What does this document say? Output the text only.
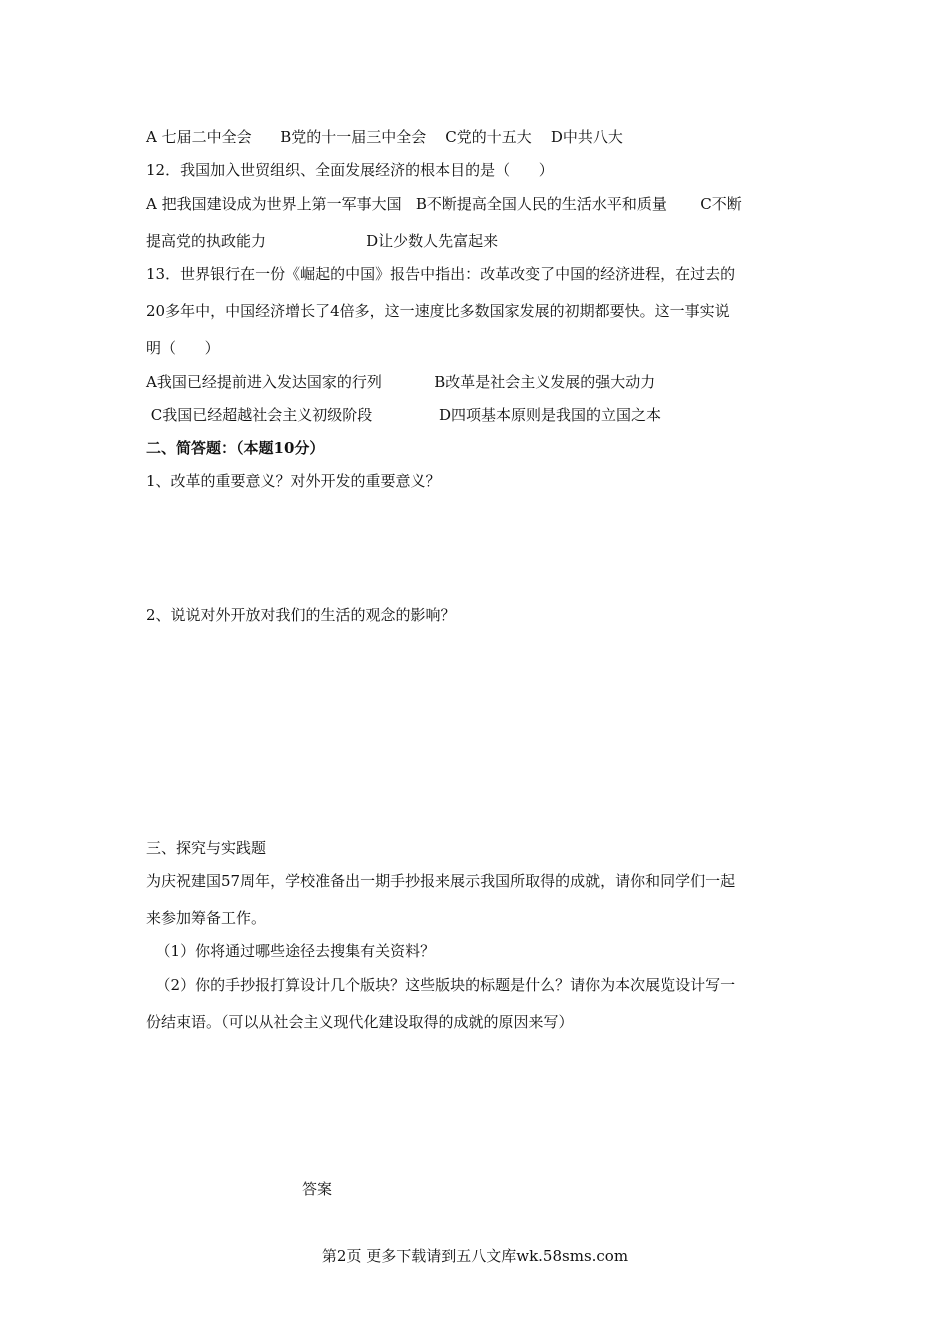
A 七届二中全会      B党的十一届三中全会    C党的十五大    D中共八大
12．我国加入世贸组织、全面发展经济的根本目的是（      ）
A 把我国建设成为世界上第一军事大国   B不断提高全国人民的生活水平和质量       C不断
提高党的执政能力                     D让少数人先富起来
13．世界银行在一份《崛起的中国》报告中指出：改革改变了中国的经济进程，在过去的
20多年中，中国经济增长了4倍多，这一速度比多数国家发展的初期都要快。这一事实说
明（      ）
A我国已经提前进入发达国家的行列           B改革是社会主义发展的强大动力
C我国已经超越社会主义初级阶段              D四项基本原则是我国的立国之本
二、简答题：（本题10分）
1、改革的重要意义？对外开发的重要意义？
2、说说对外开放对我们的生活的观念的影响？
三、探究与实践题
为庆祝建国57周年，学校准备出一期手抄报来展示我国所取得的成就，请你和同学们一起
来参加筹备工作。
（1）你将通过哪些途径去搜集有关资料？
（2）你的手抄报打算设计几个版块？这些版块的标题是什么？请你为本次展览设计写一
份结束语。（可以从社会主义现代化建设取得的成就的原因来写）
答案
第2页 更多下载请到五八文库wk.58sms.com
